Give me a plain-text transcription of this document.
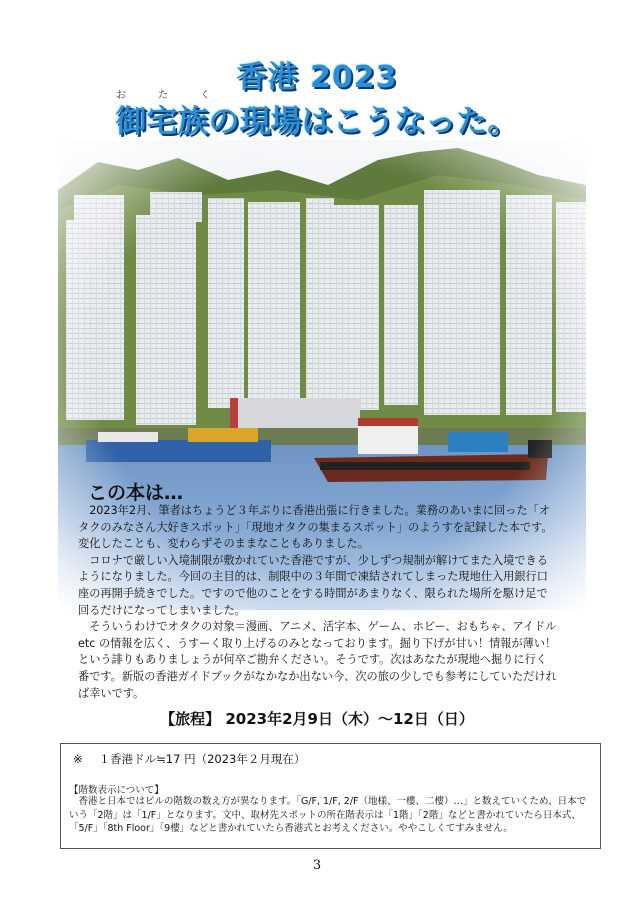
香港 2023
お	た	く
御宅族の現場はこうなった。
この本は…

2023年2月、筆者はちょうど３年ぶりに香港出張に行きました。業務のあいまに回った「オタクのみなさん大好きスポット」「現地オタクの集まるスポット」のようすを記録した本です。変化したことも、変わらずそのままなこともありました。

コロナで厳しい入境制限が敷かれていた香港ですが、少しずつ規制が解けてまた入境できるようになりました。今回の主目的は、制限中の３年間で凍結されてしまった現地仕入用銀行口座の再開手続きでした。ですので他のことをする時間があまりなく、限られた場所を駆け足で回るだけになってしまいました。

そういうわけでオタクの対象＝漫画、アニメ、活字本、ゲーム、ホビー、おもちゃ、アイドル etc の情報を広く、うすーく取り上げるのみとなっております。掘り下げが甘い！情報が薄い！という誹りもありましょうが何卒ご勘弁ください。そうです。次はあなたが現地へ掘りに行く番です。新版の香港ガイドブックがなかなか出ない今、次の旅の少しでも参考にしていただければ幸いです。

【旅程】 2023年2月9日（木）～12日（日）
※ １香港ドル≒17 円（2023年２月現在）
【階数表示について】

香港と日本ではビルの階数の数え方が異なります。「G/F, 1/F, 2/F（地様、一樓、二樓）…」と数えていくため、日本でいう「2階」は「1/F」となります。文中、取材先スポットの所在階表示は「1階」「2階」などと書かれていたら日本式、「5/F」「8th Floor」「9樓」などと書かれていたら香港式とお考えください。ややこしくてすみません。

3
